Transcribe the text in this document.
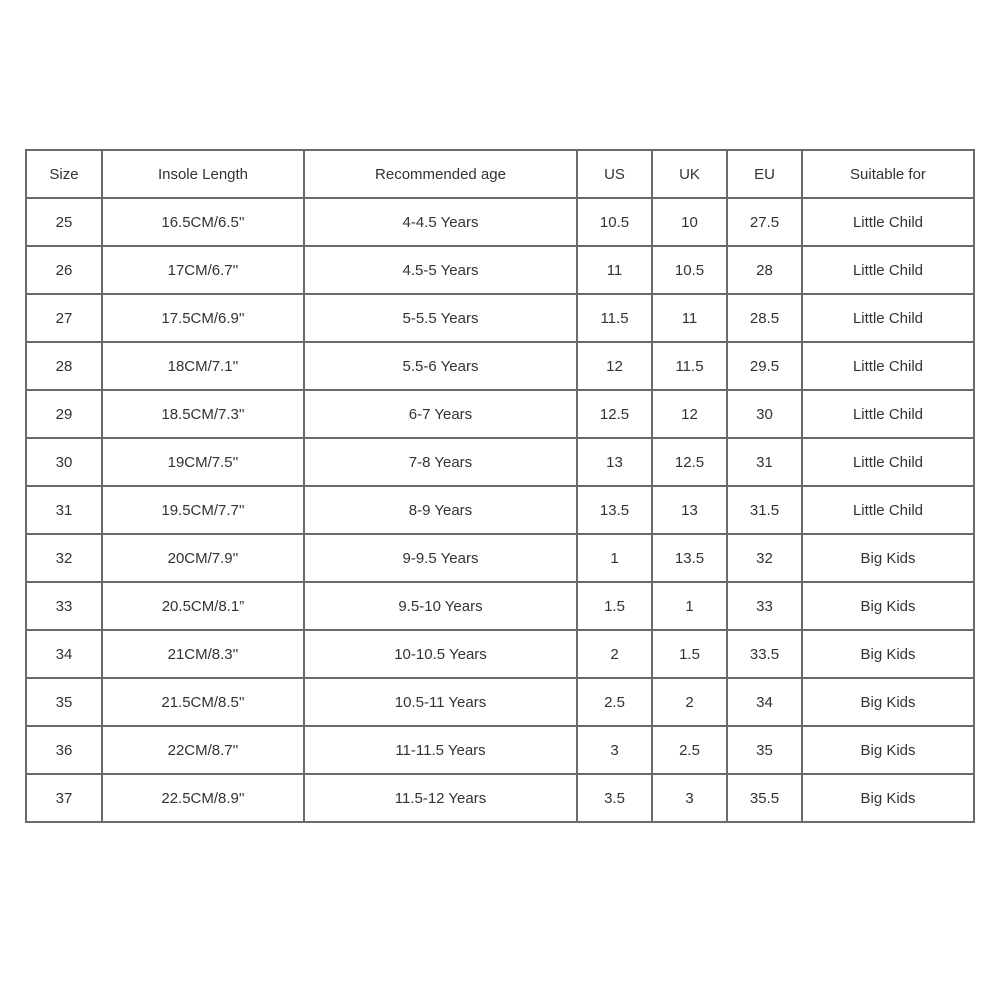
Size	Insole Length	Recommended age	US	UK	EU	Suitable for
25	16.5CM/6.5''	4-4.5 Years	10.5	10	27.5	Little Child
26	17CM/6.7''	4.5-5 Years	11	10.5	28	Little Child
27	17.5CM/6.9''	5-5.5 Years	11.5	11	28.5	Little Child
28	18CM/7.1''	5.5-6 Years	12	11.5	29.5	Little Child
29	18.5CM/7.3''	6-7 Years	12.5	12	30	Little Child
30	19CM/7.5''	7-8 Years	13	12.5	31	Little Child
31	19.5CM/7.7''	8-9 Years	13.5	13	31.5	Little Child
32	20CM/7.9''	9-9.5 Years	1	13.5	32	Big Kids
33	20.5CM/8.1”	9.5-10 Years	1.5	1	33	Big Kids
34	21CM/8.3''	10-10.5 Years	2	1.5	33.5	Big Kids
35	21.5CM/8.5''	10.5-11 Years	2.5	2	34	Big Kids
36	22CM/8.7''	11-11.5 Years	3	2.5	35	Big Kids
37	22.5CM/8.9''	11.5-12 Years	3.5	3	35.5	Big Kids
